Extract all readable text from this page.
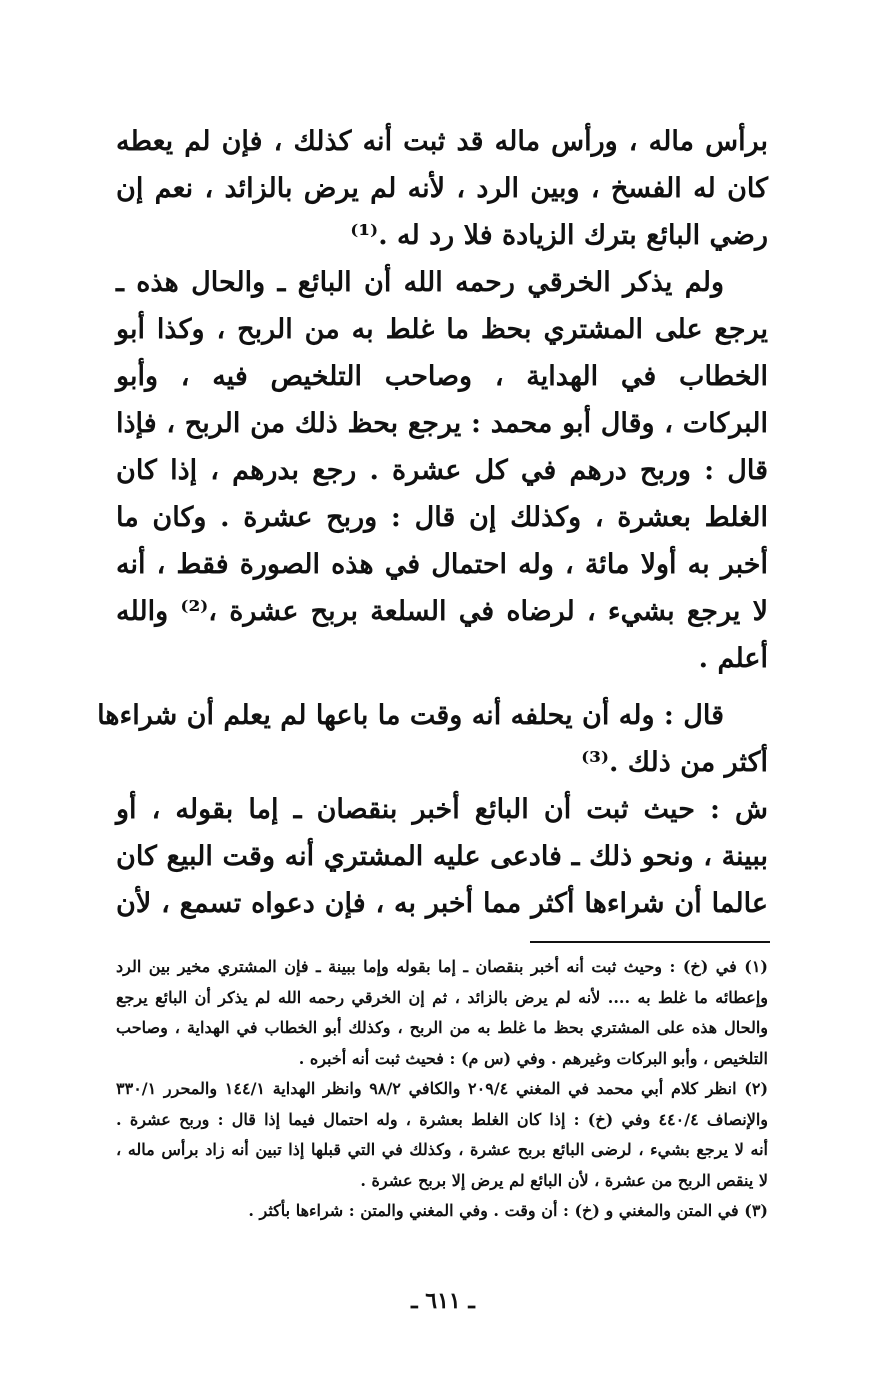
برأس ماله ، ورأس ماله قد ثبت أنه كذلك ، فإن لم يعطه
كان له الفسخ ، وبين الرد ، لأنه لم يرض بالزائد ، نعم إن
رضي البائع بترك الزيادة فلا رد له .⁽¹⁾
ولم يذكر الخرقي رحمه الله أن البائع ـ والحال هذه ـ
يرجع على المشتري بحظ ما غلط به من الربح ، وكذا أبو
الخطاب في الهداية ، وصاحب التلخيص فيه ، وأبو
البركات ، وقال أبو محمد : يرجع بحظ ذلك من الربح ، فإذا
قال : وربح درهم في كل عشرة . رجع بدرهم ، إذا كان
الغلط بعشرة ، وكذلك إن قال : وربح عشرة . وكان ما
أخبر به أولا مائة ، وله احتمال في هذه الصورة فقط ، أنه
لا يرجع بشيء ، لرضاه في السلعة بربح عشرة ،⁽²⁾ والله
أعلم .
قال : وله أن يحلفه أنه وقت ما باعها لم يعلم أن شراءها
أكثر من ذلك .⁽³⁾
ش : حيث ثبت أن البائع أخبر بنقصان ـ إما بقوله ، أو
ببينة ، ونحو ذلك ـ فادعى عليه المشتري أنه وقت البيع كان
عالما أن شراءها أكثر مما أخبر به ، فإن دعواه تسمع ، لأن
(١) في (خ) : وحيث ثبت أنه أخبر بنقصان ـ إما بقوله وإما ببينة ـ فإن المشتري مخير بين الرد
وإعطائه ما غلط به .... لأنه لم يرض بالزائد ، ثم إن الخرقي رحمه الله لم يذكر أن البائع يرجع
والحال هذه على المشتري بحظ ما غلط به من الربح ، وكذلك أبو الخطاب في الهداية ، وصاحب
التلخيص ، وأبو البركات وغيرهم . وفي (س م) : فحيث ثبت أنه أخبره .
(٢) انظر كلام أبي محمد في المغني ٢٠٩/٤ والكافي ٩٨/٢ وانظر الهداية ١٤٤/١ والمحرر ٣٣٠/١
والإنصاف ٤٤٠/٤ وفي (خ) : إذا كان الغلط بعشرة ، وله احتمال فيما إذا قال : وربح عشرة .
أنه لا يرجع بشيء ، لرضى البائع بربح عشرة ، وكذلك في التي قبلها إذا تبين أنه زاد برأس ماله ،
لا ينقص الربح من عشرة ، لأن البائع لم يرض إلا بربح عشرة .
(٣) في المتن والمغني و (خ) : أن وقت . وفي المغني والمتن : شراءها بأكثر .
ـ ٦١١ ـ
